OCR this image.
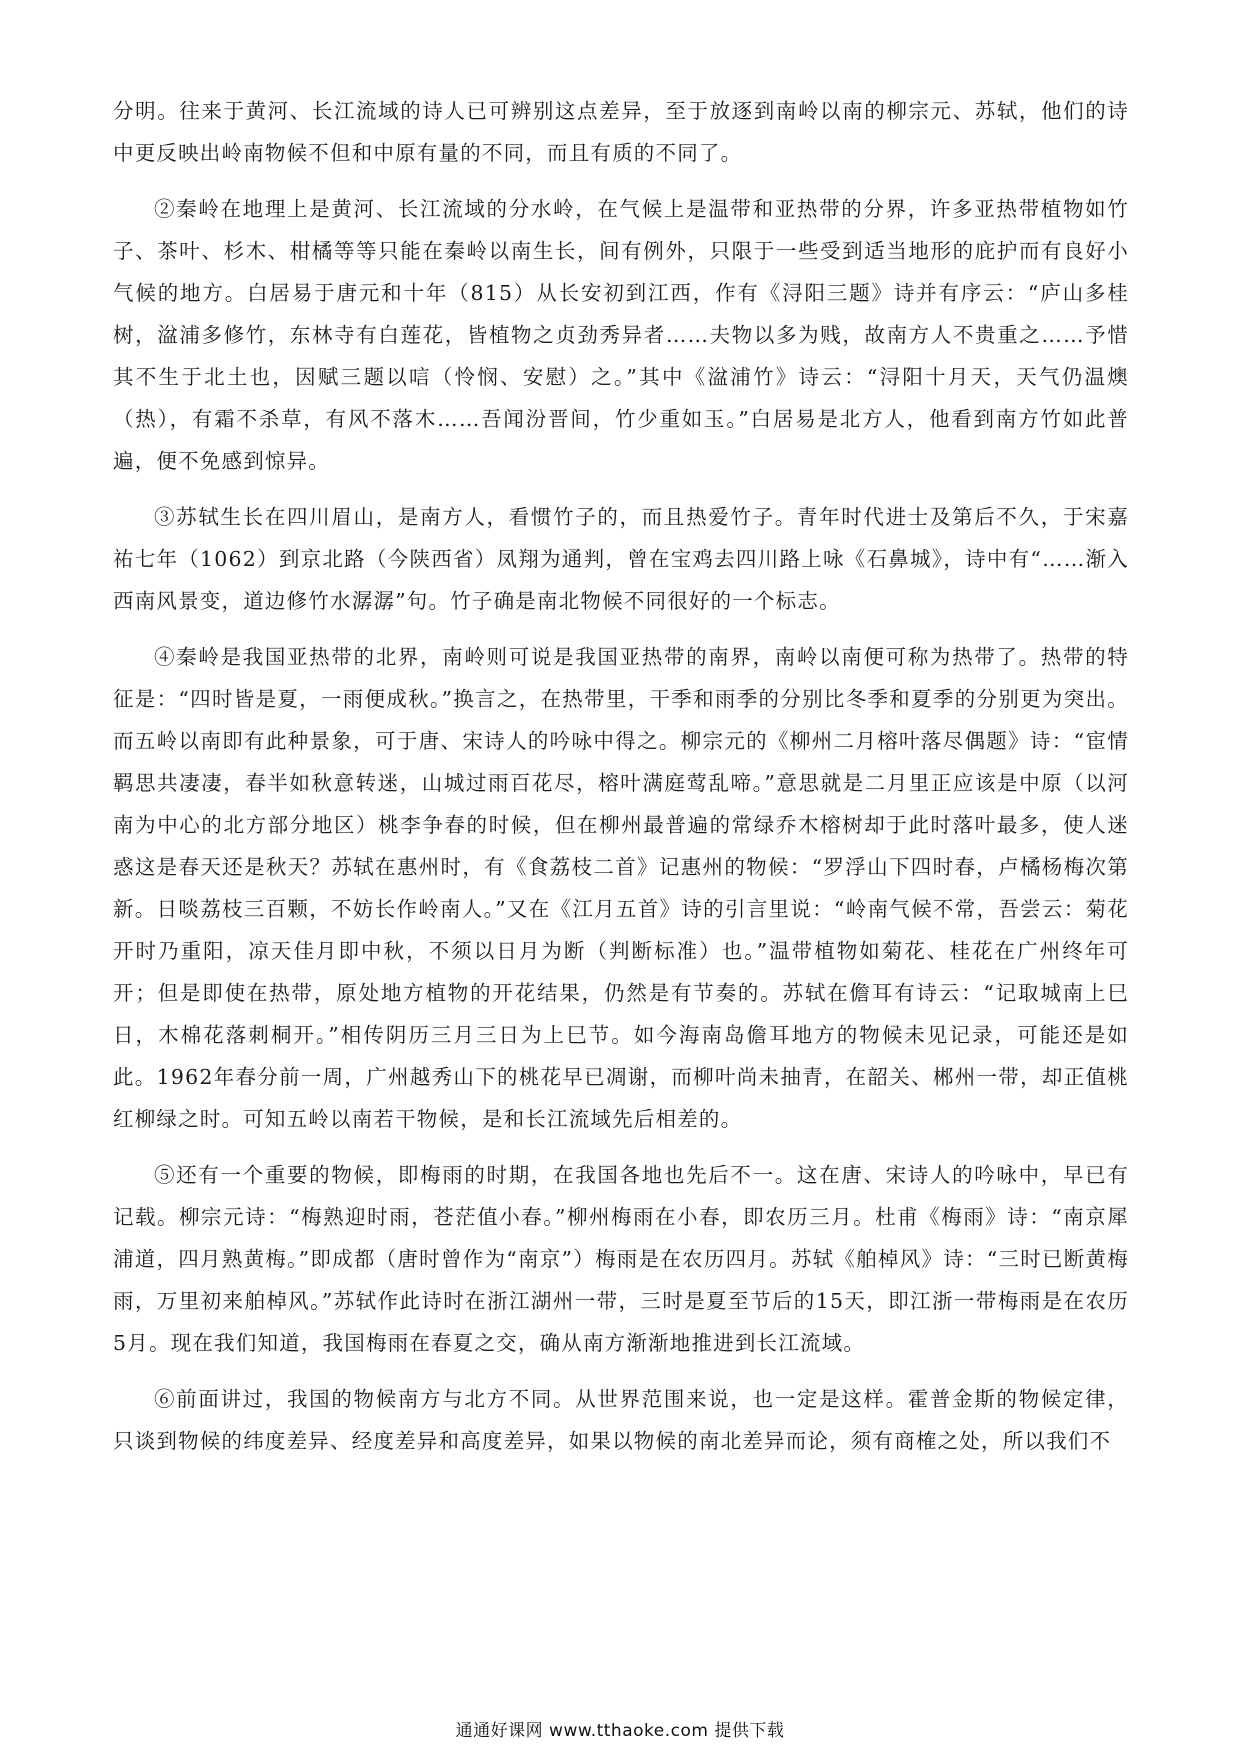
分明。往来于黄河、长江流域的诗人已可辨别这点差异，至于放逐到南岭以南的柳宗元、苏轼，他们的诗中更反映出岭南物候不但和中原有量的不同，而且有质的不同了。

②秦岭在地理上是黄河、长江流域的分水岭，在气候上是温带和亚热带的分界，许多亚热带植物如竹子、茶叶、杉木、柑橘等等只能在秦岭以南生长，间有例外，只限于一些受到适当地形的庇护而有良好小气候的地方。白居易于唐元和十年（815）从长安初到江西，作有《浔阳三题》诗并有序云：“庐山多桂树，湓浦多修竹，东林寺有白莲花，皆植物之贞劲秀异者……夫物以多为贱，故南方人不贵重之……予惜其不生于北土也，因赋三题以唁（怜悯、安慰）之。”其中《湓浦竹》诗云：“浔阳十月天，天气仍温燠（热），有霜不杀草，有风不落木……吾闻汾晋间，竹少重如玉。”白居易是北方人，他看到南方竹如此普遍，便不免感到惊异。

③苏轼生长在四川眉山，是南方人，看惯竹子的，而且热爱竹子。青年时代进士及第后不久，于宋嘉祐七年（1062）到京北路（今陕西省）凤翔为通判，曾在宝鸡去四川路上咏《石鼻城》，诗中有“……渐入西南风景变，道边修竹水潺潺”句。竹子确是南北物候不同很好的一个标志。

④秦岭是我国亚热带的北界，南岭则可说是我国亚热带的南界，南岭以南便可称为热带了。热带的特征是：“四时皆是夏，一雨便成秋。”换言之，在热带里，干季和雨季的分别比冬季和夏季的分别更为突出。而五岭以南即有此种景象，可于唐、宋诗人的吟咏中得之。柳宗元的《柳州二月榕叶落尽偶题》诗：“宦情羁思共凄凄，春半如秋意转迷，山城过雨百花尽，榕叶满庭莺乱啼。”意思就是二月里正应该是中原（以河南为中心的北方部分地区）桃李争春的时候，但在柳州最普遍的常绿乔木榕树却于此时落叶最多，使人迷惑这是春天还是秋天？苏轼在惠州时，有《食荔枝二首》记惠州的物候：“罗浮山下四时春，卢橘杨梅次第新。日啖荔枝三百颗，不妨长作岭南人。”又在《江月五首》诗的引言里说：“岭南气候不常，吾尝云：菊花开时乃重阳，凉天佳月即中秋，不须以日月为断（判断标准）也。”温带植物如菊花、桂花在广州终年可开；但是即使在热带，原处地方植物的开花结果，仍然是有节奏的。苏轼在儋耳有诗云：“记取城南上巳日，木棉花落刺桐开。”相传阴历三月三日为上巳节。如今海南岛儋耳地方的物候未见记录，可能还是如此。1962年春分前一周，广州越秀山下的桃花早已凋谢，而柳叶尚未抽青，在韶关、郴州一带，却正值桃红柳绿之时。可知五岭以南若干物候，是和长江流域先后相差的。

⑤还有一个重要的物候，即梅雨的时期，在我国各地也先后不一。这在唐、宋诗人的吟咏中，早已有记载。柳宗元诗：“梅熟迎时雨，苍茫值小春。”柳州梅雨在小春，即农历三月。杜甫《梅雨》诗：“南京犀浦道，四月熟黄梅。”即成都（唐时曾作为“南京”）梅雨是在农历四月。苏轼《舶棹风》诗：“三时已断黄梅雨，万里初来舶棹风。”苏轼作此诗时在浙江湖州一带，三时是夏至节后的15天，即江浙一带梅雨是在农历5月。现在我们知道，我国梅雨在春夏之交，确从南方渐渐地推进到长江流域。

⑥前面讲过，我国的物候南方与北方不同。从世界范围来说，也一定是这样。霍普金斯的物候定律，只谈到物候的纬度差异、经度差异和高度差异，如果以物候的南北差异而论，须有商榷之处，所以我们不

通通好课网 www.tthaoke.com 提供下载
